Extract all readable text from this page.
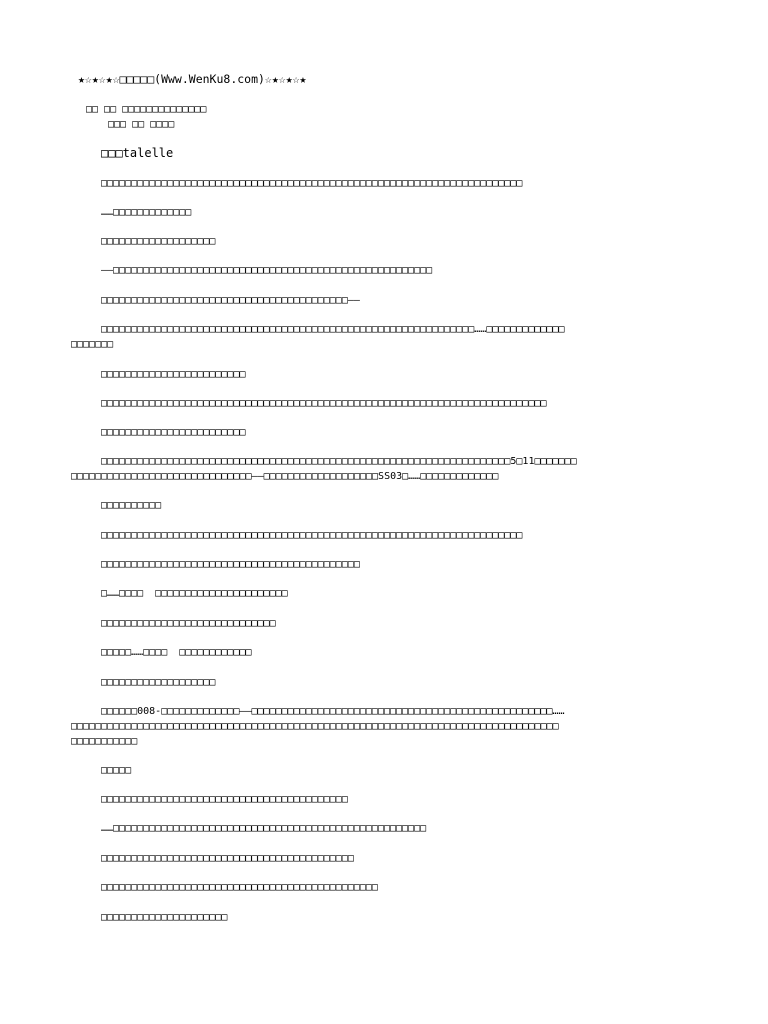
★☆★☆★☆□□□□□(Www.WenKu8.com)☆★☆★☆★
□□ □□ □□□□□□□□□□□□□□
□□□ □□ □□□□
□□□talelle
□□□□□□□□□□□□□□□□□□□□□□□□□□□□□□□□□□□□□□□□□□□□□□□□□□□□□□□□□□□□□□□□□□□□□□
……□□□□□□□□□□□□□
□□□□□□□□□□□□□□□□□□□
——□□□□□□□□□□□□□□□□□□□□□□□□□□□□□□□□□□□□□□□□□□□□□□□□□□□□□
□□□□□□□□□□□□□□□□□□□□□□□□□□□□□□□□□□□□□□□□□——
□□□□□□□□□□□□□□□□□□□□□□□□□□□□□□□□□□□□□□□□□□□□□□□□□□□□□□□□□□□□□□……□□□□□□□□□□□□□
□□□□□□□
□□□□□□□□□□□□□□□□□□□□□□□□
□□□□□□□□□□□□□□□□□□□□□□□□□□□□□□□□□□□□□□□□□□□□□□□□□□□□□□□□□□□□□□□□□□□□□□□□□□
□□□□□□□□□□□□□□□□□□□□□□□□
□□□□□□□□□□□□□□□□□□□□□□□□□□□□□□□□□□□□□□□□□□□□□□□□□□□□□□□□□□□□□□□□□□□□5□11□□□□□□□
□□□□□□□□□□□□□□□□□□□□□□□□□□□□□□——□□□□□□□□□□□□□□□□□□□SS03□……□□□□□□□□□□□□□
□□□□□□□□□□
□□□□□□□□□□□□□□□□□□□□□□□□□□□□□□□□□□□□□□□□□□□□□□□□□□□□□□□□□□□□□□□□□□□□□□
□□□□□□□□□□□□□□□□□□□□□□□□□□□□□□□□□□□□□□□□□□□
□……□□□□  □□□□□□□□□□□□□□□□□□□□□□
□□□□□□□□□□□□□□□□□□□□□□□□□□□□□
□□□□□……□□□□  □□□□□□□□□□□□
□□□□□□□□□□□□□□□□□□□
□□□□□□008-□□□□□□□□□□□□□——□□□□□□□□□□□□□□□□□□□□□□□□□□□□□□□□□□□□□□□□□□□□□□□□□□……
□□□□□□□□□□□□□□□□□□□□□□□□□□□□□□□□□□□□□□□□□□□□□□□□□□□□□□□□□□□□□□□□□□□□□□□□□□□□□□□□□
□□□□□□□□□□□
□□□□□
□□□□□□□□□□□□□□□□□□□□□□□□□□□□□□□□□□□□□□□□□
……□□□□□□□□□□□□□□□□□□□□□□□□□□□□□□□□□□□□□□□□□□□□□□□□□□□□
□□□□□□□□□□□□□□□□□□□□□□□□□□□□□□□□□□□□□□□□□□
□□□□□□□□□□□□□□□□□□□□□□□□□□□□□□□□□□□□□□□□□□□□□□
□□□□□□□□□□□□□□□□□□□□□
